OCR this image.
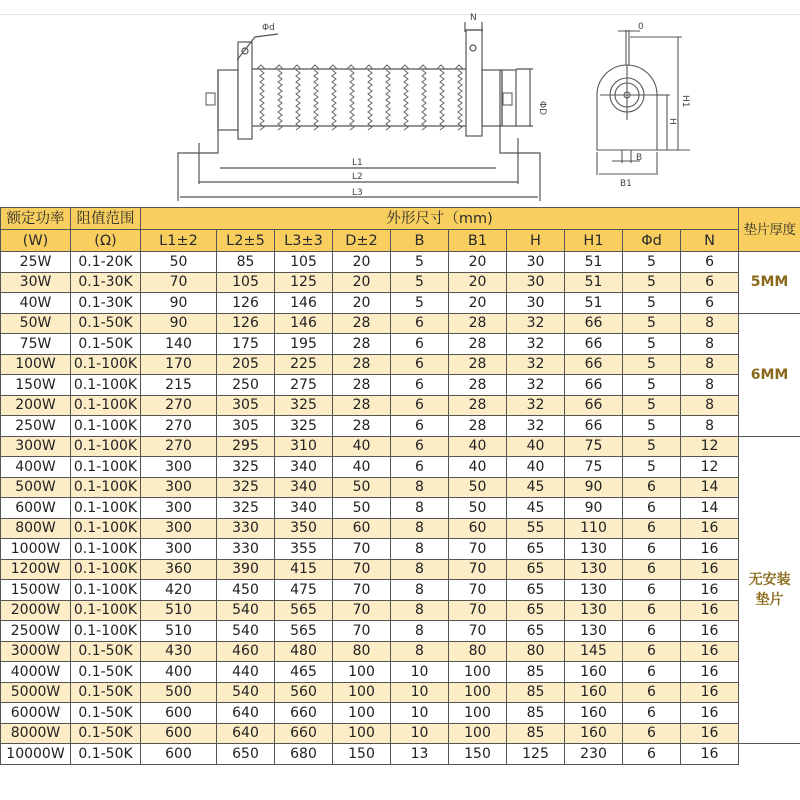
Φd
N
ΦD
L1
L2
L3
0
H1
H
B
B1
额定功率	阻值范围	外形尺寸（mm)										垫片厚度
(W)	(Ω)	L1±2	L2±5	L3±3	D±2	B	B1	H	H1	Φd	N	
25W	0.1-20K	50	85	105	20	5	20	30	51	5	6	5MM
30W	0.1-30K	70	105	125	20	5	20	30	51	5	6	
40W	0.1-30K	90	126	146	20	5	20	30	51	5	6	
50W	0.1-50K	90	126	146	28	6	28	32	66	5	8	6MM
75W	0.1-50K	140	175	195	28	6	28	32	66	5	8	
100W	0.1-100K	170	205	225	28	6	28	32	66	5	8	
150W	0.1-100K	215	250	275	28	6	28	32	66	5	8	
200W	0.1-100K	270	305	325	28	6	28	32	66	5	8	
250W	0.1-100K	270	305	325	28	6	28	32	66	5	8	
300W	0.1-100K	270	295	310	40	6	40	40	75	5	12	无安装
垫片
400W	0.1-100K	300	325	340	40	6	40	40	75	5	12	
500W	0.1-100K	300	325	340	50	8	50	45	90	6	14	
600W	0.1-100K	300	325	340	50	8	50	45	90	6	14	
800W	0.1-100K	300	330	350	60	8	60	55	110	6	16	
1000W	0.1-100K	300	330	355	70	8	70	65	130	6	16	
1200W	0.1-100K	360	390	415	70	8	70	65	130	6	16	
1500W	0.1-100K	420	450	475	70	8	70	65	130	6	16	
2000W	0.1-100K	510	540	565	70	8	70	65	130	6	16	
2500W	0.1-100K	510	540	565	70	8	70	65	130	6	16	
3000W	0.1-50K	430	460	480	80	8	80	80	145	6	16	
4000W	0.1-50K	400	440	465	100	10	100	85	160	6	16	
5000W	0.1-50K	500	540	560	100	10	100	85	160	6	16	
6000W	0.1-50K	600	640	660	100	10	100	85	160	6	16	
8000W	0.1-50K	600	640	660	100	10	100	85	160	6	16	
10000W	0.1-50K	600	650	680	150	13	150	125	230	6	16	
